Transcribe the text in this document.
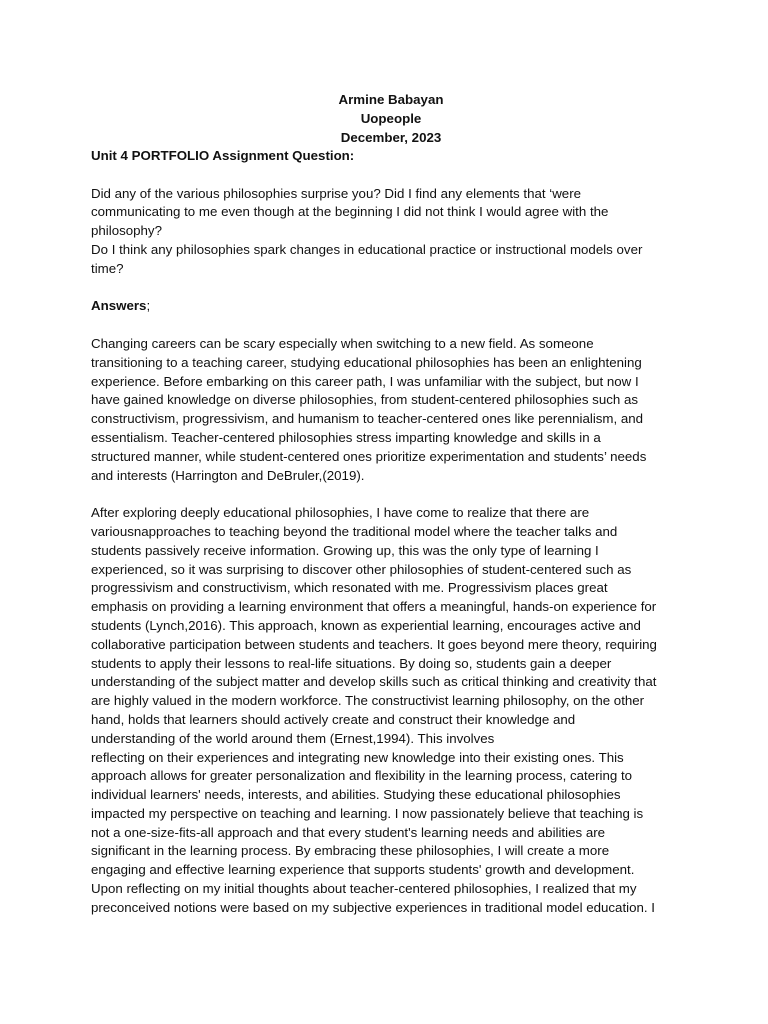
Armine Babayan
Uopeople
December, 2023
Unit 4 PORTFOLIO Assignment Question:
Did any of the various philosophies surprise you? Did I find any elements that ‘were
communicating to me even though at the beginning I did not think I would agree with the
philosophy?
Do I think any philosophies spark changes in educational practice or instructional models over
time?
Answers;
Changing careers can be scary especially when switching to a new field. As someone
transitioning to a teaching career, studying educational philosophies has been an enlightening
experience. Before embarking on this career path, I was unfamiliar with the subject, but now I
have gained knowledge on diverse philosophies, from student-centered philosophies such as
constructivism, progressivism, and humanism to teacher-centered ones like perennialism, and
essentialism. Teacher-centered philosophies stress imparting knowledge and skills in a
structured manner, while student-centered ones prioritize experimentation and students’ needs
and interests (Harrington and DeBruler,(2019).
After exploring deeply educational philosophies, I have come to realize that there are
variousnapproaches to teaching beyond the traditional model where the teacher talks and
students passively receive information. Growing up, this was the only type of learning I
experienced, so it was surprising to discover other philosophies of student-centered such as
progressivism and constructivism, which resonated with me. Progressivism places great
emphasis on providing a learning environment that offers a meaningful, hands-on experience for
students (Lynch,2016). This approach, known as experiential learning, encourages active and
collaborative participation between students and teachers. It goes beyond mere theory, requiring
students to apply their lessons to real-life situations. By doing so, students gain a deeper
understanding of the subject matter and develop skills such as critical thinking and creativity that
are highly valued in the modern workforce. The constructivist learning philosophy, on the other
hand, holds that learners should actively create and construct their knowledge and
understanding of the world around them (Ernest,1994). This involves
reflecting on their experiences and integrating new knowledge into their existing ones. This
approach allows for greater personalization and flexibility in the learning process, catering to
individual learners' needs, interests, and abilities. Studying these educational philosophies
impacted my perspective on teaching and learning. I now passionately believe that teaching is
not a one-size-fits-all approach and that every student's learning needs and abilities are
significant in the learning process. By embracing these philosophies, I will create a more
engaging and effective learning experience that supports students' growth and development.
Upon reflecting on my initial thoughts about teacher-centered philosophies, I realized that my
preconceived notions were based on my subjective experiences in traditional model education. I
